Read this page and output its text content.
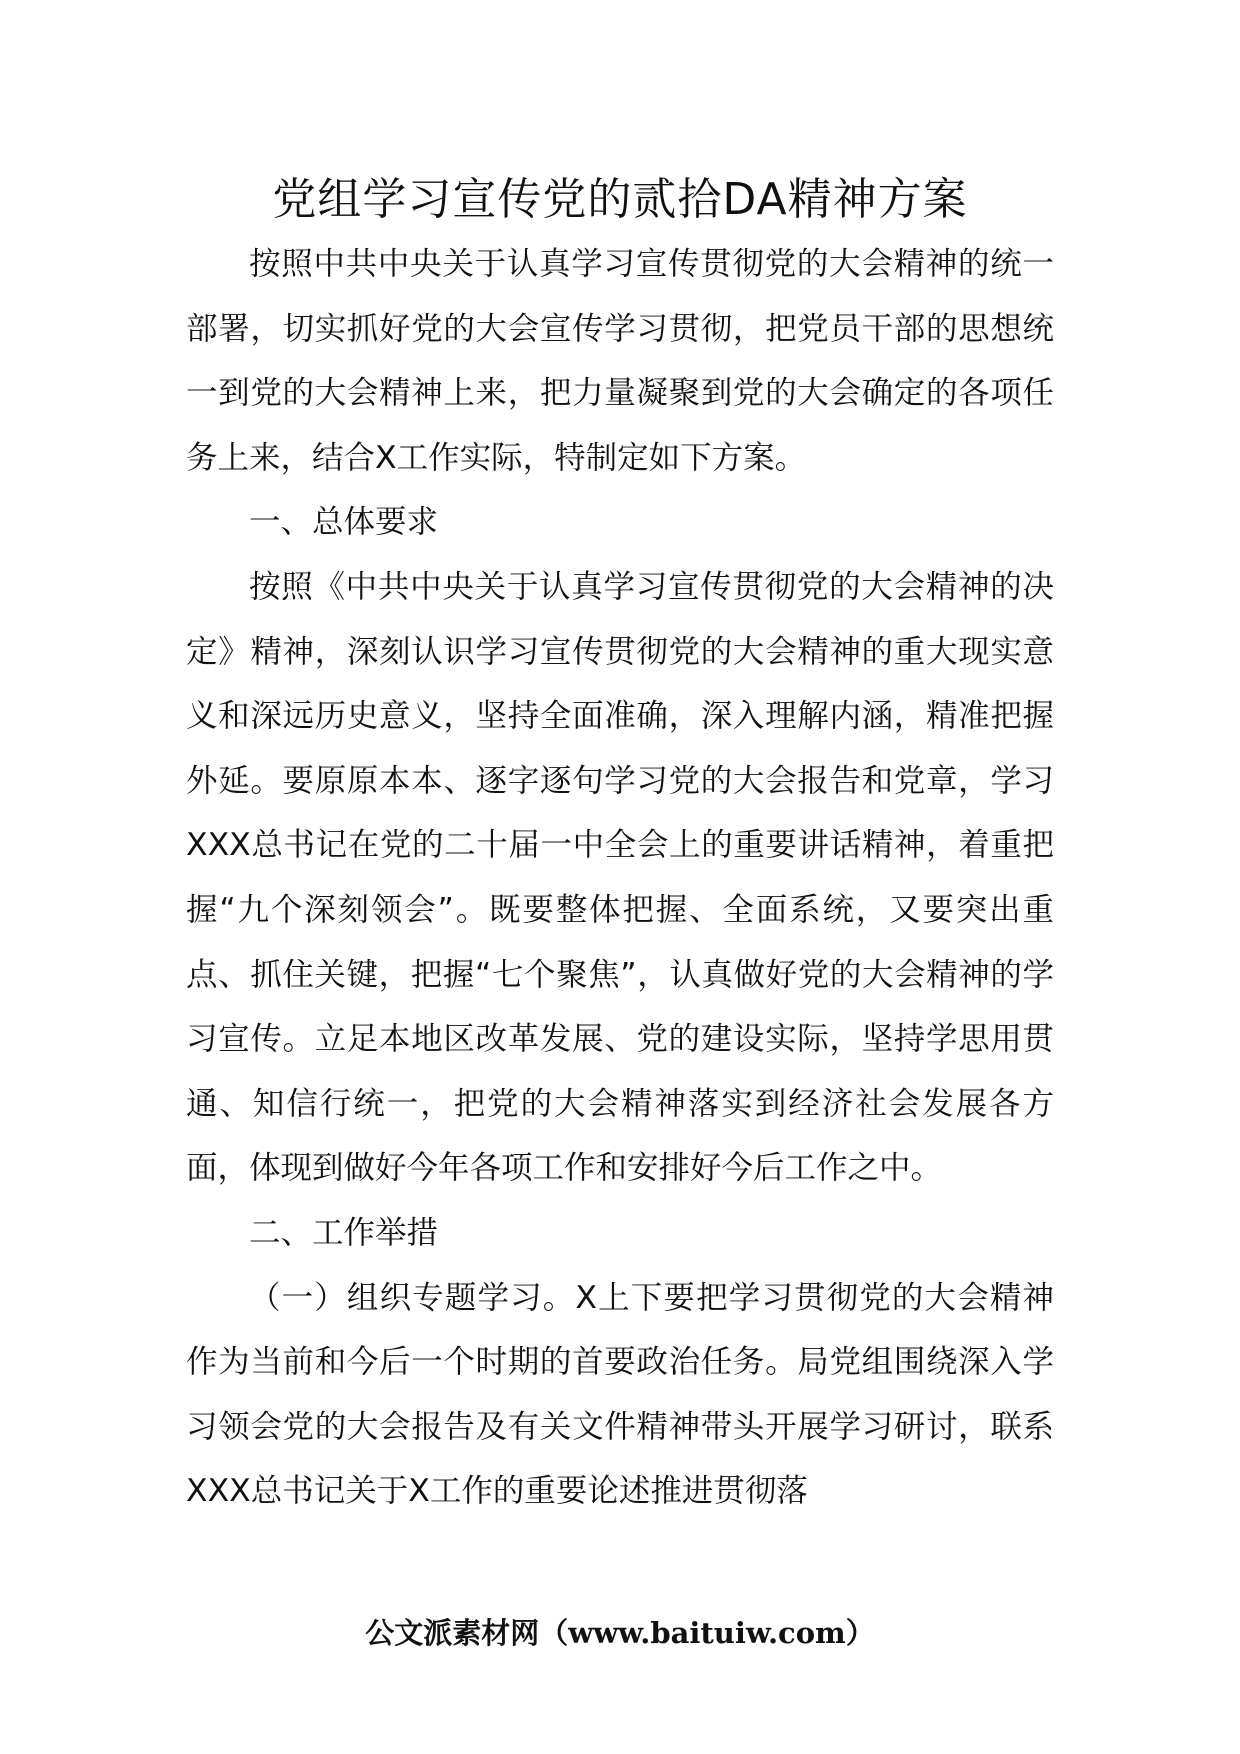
党组学习宣传党的贰拾DA精神方案

按照中共中央关于认真学习宣传贯彻党的大会精神的统一部署，切实抓好党的大会宣传学习贯彻，把党员干部的思想统一到党的大会精神上来，把力量凝聚到党的大会确定的各项任务上来，结合X工作实际，特制定如下方案。

一、总体要求

按照《中共中央关于认真学习宣传贯彻党的大会精神的决定》精神，深刻认识学习宣传贯彻党的大会精神的重大现实意义和深远历史意义，坚持全面准确，深入理解内涵，精准把握外延。要原原本本、逐字逐句学习党的大会报告和党章，学习XXX总书记在党的二十届一中全会上的重要讲话精神，着重把握“九个深刻领会”。既要整体把握、全面系统，又要突出重点、抓住关键，把握“七个聚焦”，认真做好党的大会精神的学习宣传。立足本地区改革发展、党的建设实际，坚持学思用贯通、知信行统一，把党的大会精神落实到经济社会发展各方面，体现到做好今年各项工作和安排好今后工作之中。

二、工作举措

（一）组织专题学习。X上下要把学习贯彻党的大会精神作为当前和今后一个时期的首要政治任务。局党组围绕深入学习领会党的大会报告及有关文件精神带头开展学习研讨，联系XXX总书记关于X工作的重要论述推进贯彻落

公文派素材网（www.baituiw.com）
